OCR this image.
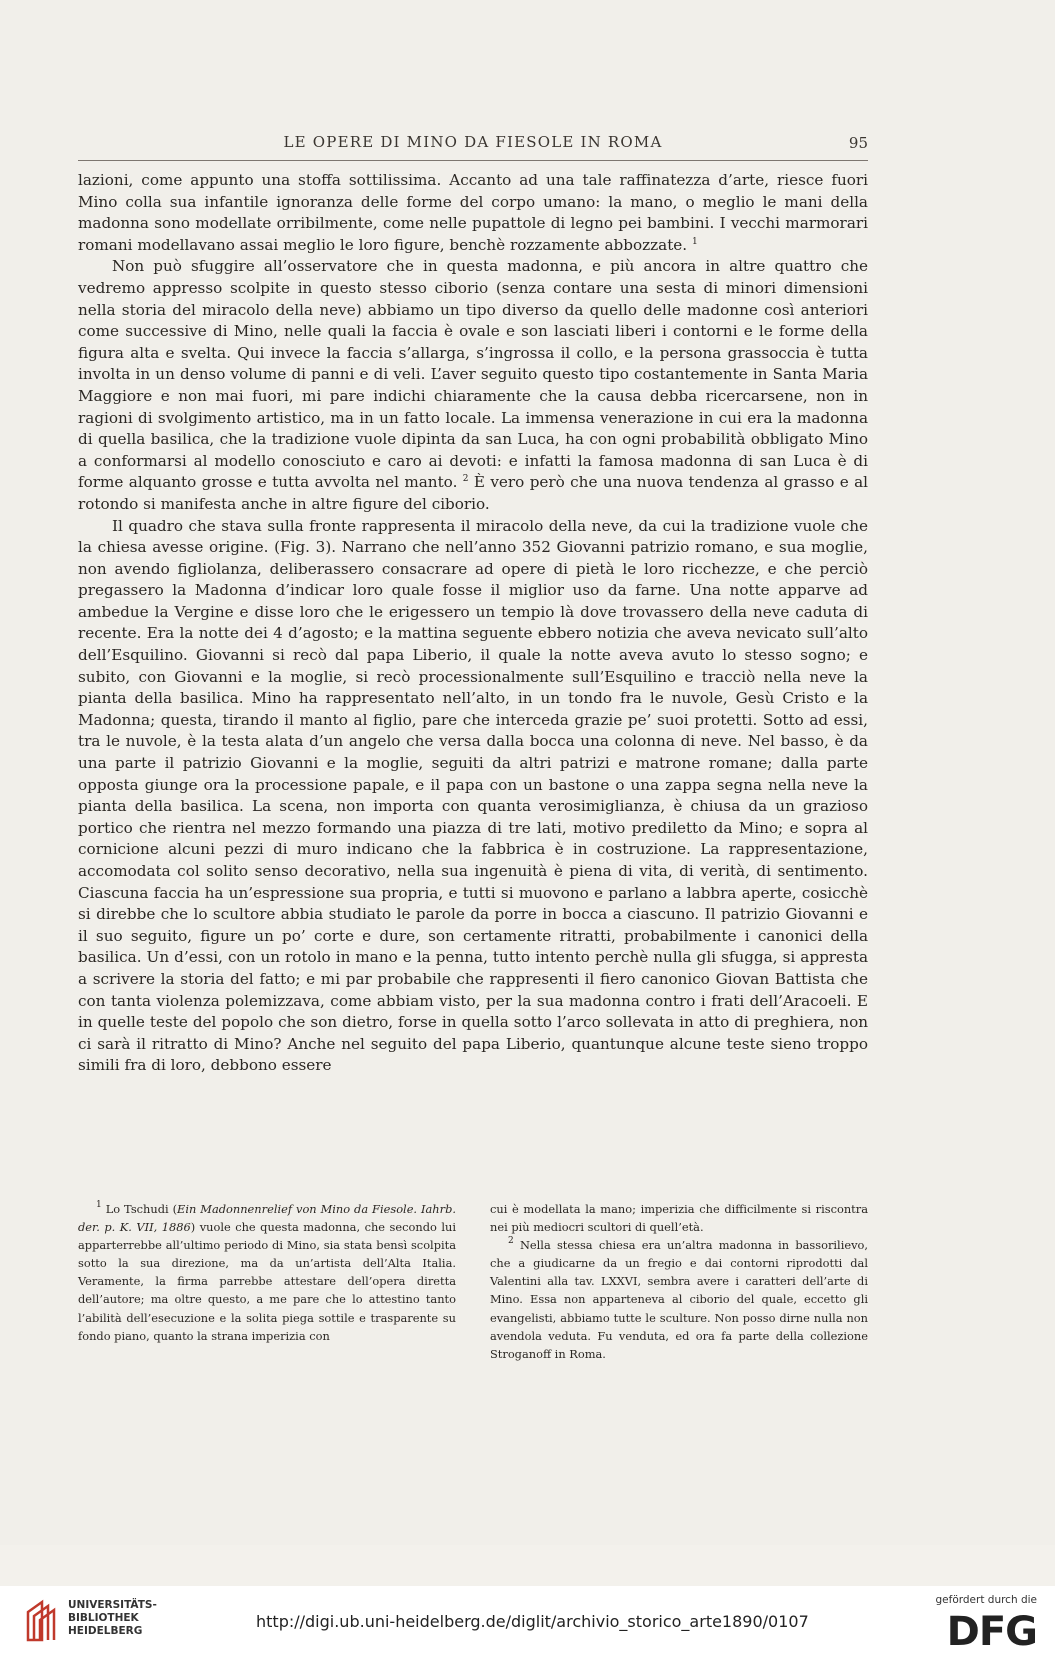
LE OPERE DI MINO DA FIESOLE IN ROMA	95

lazioni, come appunto una stoffa sottilissima. Accanto ad una tale raffinatezza d’arte, riesce fuori Mino colla sua infantile ignoranza delle forme del corpo umano: la mano, o meglio le mani della madonna sono modellate orribilmente, come nelle pupattole di legno pei bambini. I vecchi marmorari romani modellavano assai meglio le loro figure, benchè rozzamente abbozzate. $^1$

Non può sfuggire all’osservatore che in questa madonna, e più ancora in altre quattro che vedremo appresso scolpite in questo stesso ciborio (senza contare una sesta di minori dimensioni nella storia del miracolo della neve) abbiamo un tipo diverso da quello delle madonne così anteriori come successive di Mino, nelle quali la faccia è ovale e son lasciati liberi i contorni e le forme della figura alta e svelta. Qui invece la faccia s’allarga, s’ingrossa il collo, e la persona grassoccia è tutta involta in un denso volume di panni e di veli. L’aver seguito questo tipo costantemente in Santa Maria Maggiore e non mai fuori, mi pare indichi chiaramente che la causa debba ricercarsene, non in ragioni di svolgimento artistico, ma in un fatto locale. La immensa venerazione in cui era la madonna di quella basilica, che la tradizione vuole dipinta da san Luca, ha con ogni probabilità obbligato Mino a conformarsi al modello conosciuto e caro ai devoti: e infatti la famosa madonna di san Luca è di forme alquanto grosse e tutta avvolta nel manto. $^2$ È vero però che una nuova tendenza al grasso e al rotondo si manifesta anche in altre figure del ciborio.

Il quadro che stava sulla fronte rappresenta il miracolo della neve, da cui la tradizione vuole che la chiesa avesse origine. (Fig. 3). Narrano che nell’anno 352 Giovanni patrizio romano, e sua moglie, non avendo figliolanza, deliberassero consacrare ad opere di pietà le loro ricchezze, e che perciò pregassero la Madonna d’indicar loro quale fosse il miglior uso da farne. Una notte apparve ad ambedue la Vergine e disse loro che le erigessero un tempio là dove trovassero della neve caduta di recente. Era la notte dei 4 d’agosto; e la mattina seguente ebbero notizia che aveva nevicato sull’alto dell’Esquilino. Giovanni si recò dal papa Liberio, il quale la notte aveva avuto lo stesso sogno; e subito, con Giovanni e la moglie, si recò processionalmente sull’Esquilino e tracciò nella neve la pianta della basilica. Mino ha rappresentato nell’alto, in un tondo fra le nuvole, Gesù Cristo e la Madonna; questa, tirando il manto al figlio, pare che interceda grazie pe’ suoi protetti. Sotto ad essi, tra le nuvole, è la testa alata d’un angelo che versa dalla bocca una colonna di neve. Nel basso, è da una parte il patrizio Giovanni e la moglie, seguiti da altri patrizi e matrone romane; dalla parte opposta giunge ora la processione papale, e il papa con un bastone o una zappa segna nella neve la pianta della basilica. La scena, non importa con quanta verosimiglianza, è chiusa da un grazioso portico che rientra nel mezzo formando una piazza di tre lati, motivo prediletto da Mino; e sopra al cornicione alcuni pezzi di muro indicano che la fabbrica è in costruzione. La rappresentazione, accomodata col solito senso decorativo, nella sua ingenuità è piena di vita, di verità, di sentimento. Ciascuna faccia ha un’espressione sua propria, e tutti si muovono e parlano a labbra aperte, cosicchè si direbbe che lo scultore abbia studiato le parole da porre in bocca a ciascuno. Il patrizio Giovanni e il suo seguito, figure un po’ corte e dure, son certamente ritratti, probabilmente i canonici della basilica. Un d’essi, con un rotolo in mano e la penna, tutto intento perchè nulla gli sfugga, si appresta a scrivere la storia del fatto; e mi par probabile che rappresenti il fiero canonico Giovan Battista che con tanta violenza polemizzava, come abbiam visto, per la sua madonna contro i frati dell’Aracoeli. E in quelle teste del popolo che son dietro, forse in quella sotto l’arco sollevata in atto di preghiera, non ci sarà il ritratto di Mino? Anche nel seguito del papa Liberio, quantunque alcune teste sieno troppo simili fra di loro, debbono essere

$^1$ Lo Tschudi (Ein Madonnenrelief von Mino da Fiesole. Iahrb. der. p. K. VII, 1886) vuole che questa madonna, che secondo lui apparterrebbe all’ultimo periodo di Mino, sia stata bensì scolpita sotto la sua direzione, ma da un’artista dell’Alta Italia. Veramente, la firma parrebbe attestare dell’opera diretta dell’autore; ma oltre questo, a me pare che lo attestino tanto l’abilità dell’esecuzione e la solita piega sottile e trasparente su fondo piano, quanto la strana imperizia con

cui è modellata la mano; imperizia che difficilmente si riscontra nei più mediocri scultori di quell’età.

$^2$ Nella stessa chiesa era un’altra madonna in bassorilievo, che a giudicarne da un fregio e dai contorni riprodotti dal Valentini alla tav. LXXVI, sembra avere i caratteri dell’arte di Mino. Essa non apparteneva al ciborio del quale, eccetto gli evangelisti, abbiamo tutte le sculture. Non posso dirne nulla non avendola veduta. Fu venduta, ed ora fa parte della collezione Stroganoff in Roma.

UNIVERSITÄTS-
BIBLIOTHEK
HEIDELBERG	http://digi.ub.uni-heidelberg.de/diglit/archivio_storico_arte1890/0107
gefördert durch die
DFG
